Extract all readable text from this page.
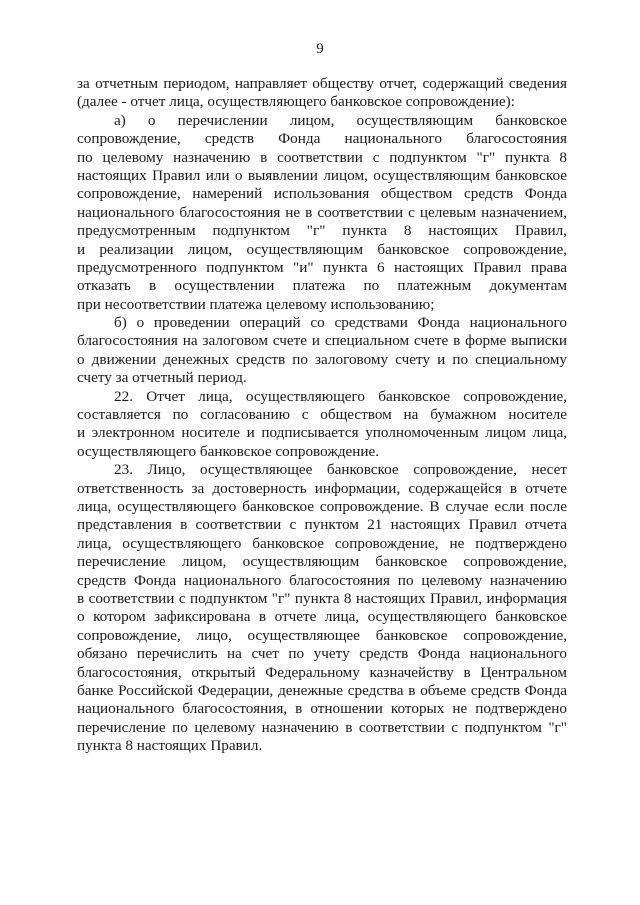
9
за отчетным периодом, направляет обществу отчет, содержащий сведения
(далее - отчет лица, осуществляющего банковское сопровождение):
а) о перечислении лицом, осуществляющим банковское
сопровождение, средств Фонда национального благосостояния
по целевому назначению в соответствии с подпунктом "г" пункта 8
настоящих Правил или о выявлении лицом, осуществляющим банковское
сопровождение, намерений использования обществом средств Фонда
национального благосостояния не в соответствии с целевым назначением,
предусмотренным подпунктом "г" пункта 8 настоящих Правил,
и реализации лицом, осуществляющим банковское сопровождение,
предусмотренного подпунктом "и" пункта 6 настоящих Правил права
отказать в осуществлении платежа по платежным документам
при несоответствии платежа целевому использованию;
б) о проведении операций со средствами Фонда национального
благосостояния на залоговом счете и специальном счете в форме выписки
о движении денежных средств по залоговому счету и по специальному
счету за отчетный период.
22. Отчет лица, осуществляющего банковское сопровождение,
составляется по согласованию с обществом на бумажном носителе
и электронном носителе и подписывается уполномоченным лицом лица,
осуществляющего банковское сопровождение.
23. Лицо, осуществляющее банковское сопровождение, несет
ответственность за достоверность информации, содержащейся в отчете
лица, осуществляющего банковское сопровождение. В случае если после
представления в соответствии с пунктом 21 настоящих Правил отчета
лица, осуществляющего банковское сопровождение, не подтверждено
перечисление лицом, осуществляющим банковское сопровождение,
средств Фонда национального благосостояния по целевому назначению
в соответствии с подпунктом "г" пункта 8 настоящих Правил, информация
о котором зафиксирована в отчете лица, осуществляющего банковское
сопровождение, лицо, осуществляющее банковское сопровождение,
обязано перечислить на счет по учету средств Фонда национального
благосостояния, открытый Федеральному казначейству в Центральном
банке Российской Федерации, денежные средства в объеме средств Фонда
национального благосостояния, в отношении которых не подтверждено
перечисление по целевому назначению в соответствии с подпунктом "г"
пункта 8 настоящих Правил.
